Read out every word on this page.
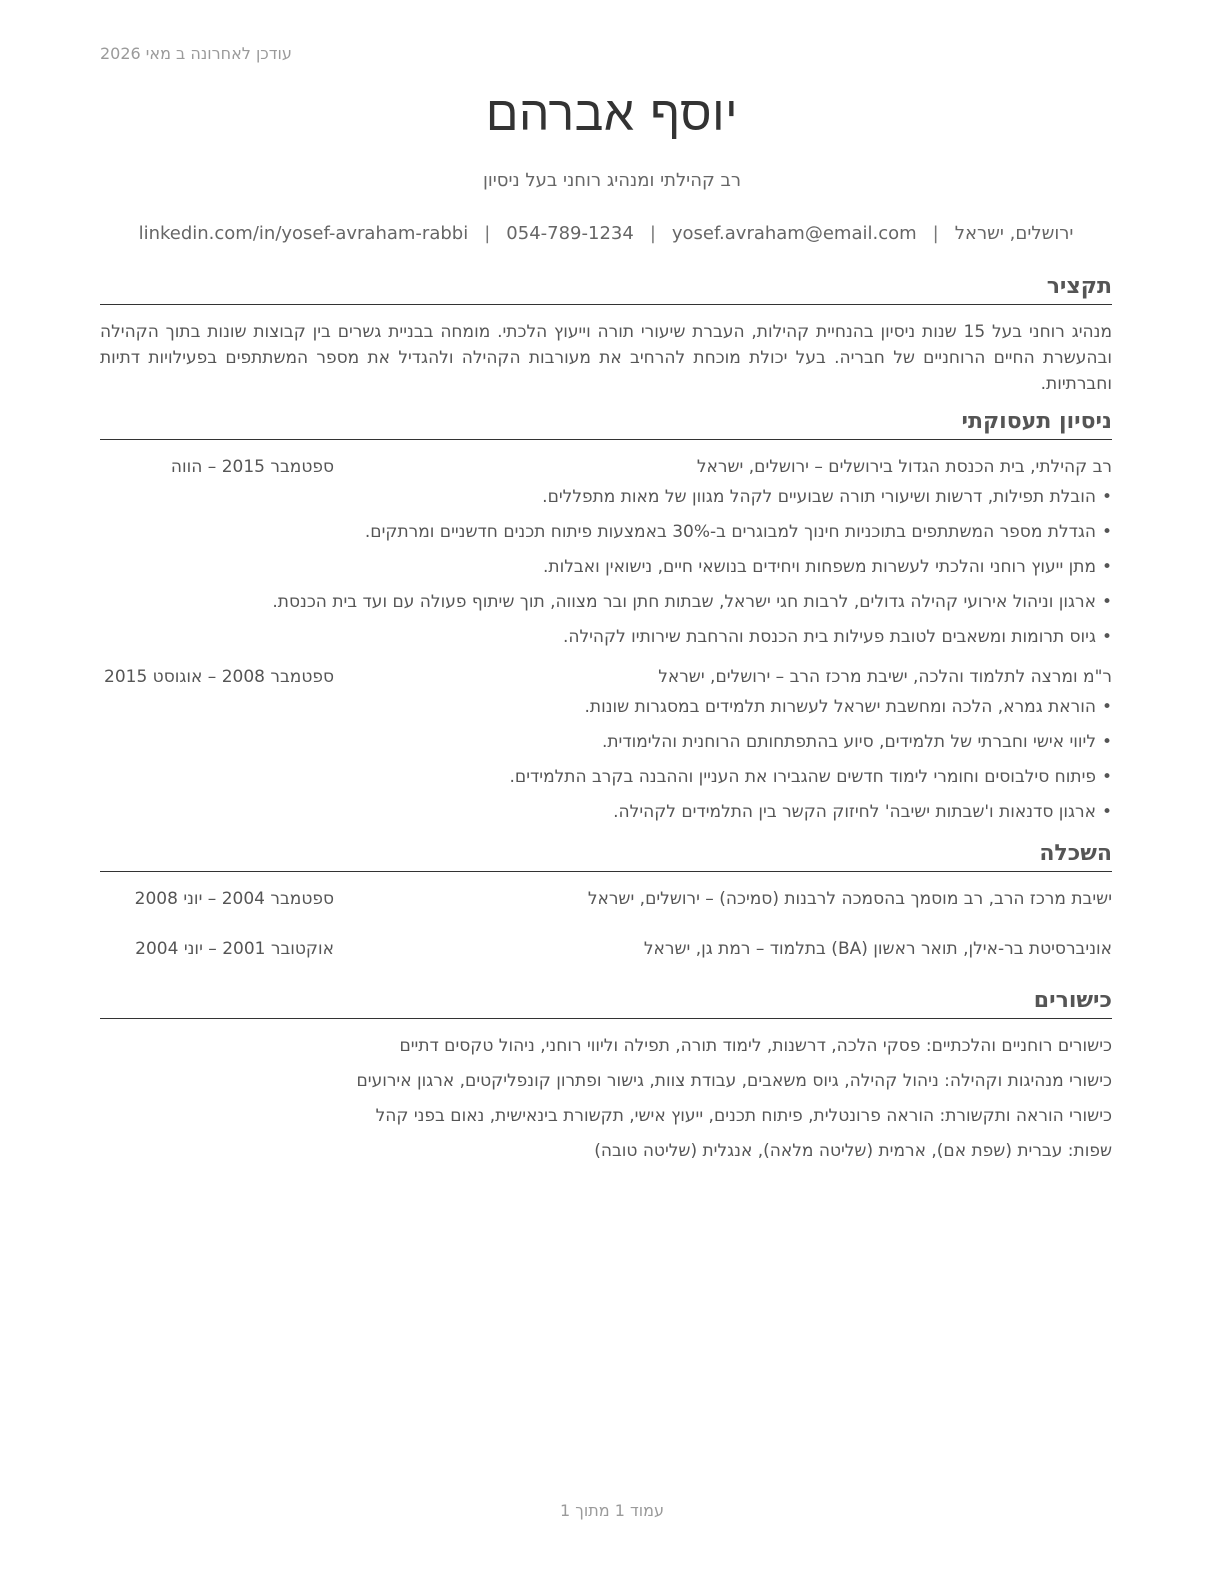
עודכן לאחרונה ב מאי 2026
יוסף אברהם
רב קהילתי ומנהיג רוחני בעל ניסיון
ירושלים, ישראל
|
yosef.avraham@email.com
|
054-789-1234
|
linkedin.com/in/yosef-avraham-rabbi
תקציר

מנהיג רוחני בעל 15 שנות ניסיון בהנחיית קהילות, העברת שיעורי תורה וייעוץ הלכתי. מומחה בבניית גשרים בין קבוצות שונות בתוך הקהילה ובהעשרת החיים הרוחניים של חבריה. בעל יכולת מוכחת להרחיב את מעורבות הקהילה ולהגדיל את מספר המשתתפים בפעילויות דתיות וחברתיות.

ניסיון תעסוקתי
רב קהילתי, בית הכנסת הגדול בירושלים – ירושלים, ישראל
ספטמבר 2015 – הווה
• הובלת תפילות, דרשות ושיעורי תורה שבועיים לקהל מגוון של מאות מתפללים.
• הגדלת מספר המשתתפים בתוכניות חינוך למבוגרים ב-30% באמצעות פיתוח תכנים חדשניים ומרתקים.
• מתן ייעוץ רוחני והלכתי לעשרות משפחות ויחידים בנושאי חיים, נישואין ואבלות.
• ארגון וניהול אירועי קהילה גדולים, לרבות חגי ישראל, שבתות חתן ובר מצווה, תוך שיתוף פעולה עם ועד בית הכנסת.
• גיוס תרומות ומשאבים לטובת פעילות בית הכנסת והרחבת שירותיו לקהילה.
ר"מ ומרצה לתלמוד והלכה, ישיבת מרכז הרב – ירושלים, ישראל
ספטמבר 2008 – אוגוסט 2015
• הוראת גמרא, הלכה ומחשבת ישראל לעשרות תלמידים במסגרות שונות.
• ליווי אישי וחברתי של תלמידים, סיוע בהתפתחותם הרוחנית והלימודית.
• פיתוח סילבוסים וחומרי לימוד חדשים שהגבירו את העניין וההבנה בקרב התלמידים.
• ארגון סדנאות ו'שבתות ישיבה' לחיזוק הקשר בין התלמידים לקהילה.
השכלה
ישיבת מרכז הרב, רב מוסמך בהסמכה לרבנות (סמיכה) – ירושלים, ישראל
ספטמבר 2004 – יוני 2008
אוניברסיטת בר-אילן, תואר ראשון (BA) בתלמוד – רמת גן, ישראל
אוקטובר 2001 – יוני 2004
כישורים

כישורים רוחניים והלכתיים: פסקי הלכה, דרשנות, לימוד תורה, תפילה וליווי רוחני, ניהול טקסים דתיים

כישורי מנהיגות וקהילה: ניהול קהילה, גיוס משאבים, עבודת צוות, גישור ופתרון קונפליקטים, ארגון אירועים

כישורי הוראה ותקשורת: הוראה פרונטלית, פיתוח תכנים, ייעוץ אישי, תקשורת בינאישית, נאום בפני קהל

שפות: עברית (שפת אם), ארמית (שליטה מלאה), אנגלית (שליטה טובה)

עמוד 1 מתוך 1
